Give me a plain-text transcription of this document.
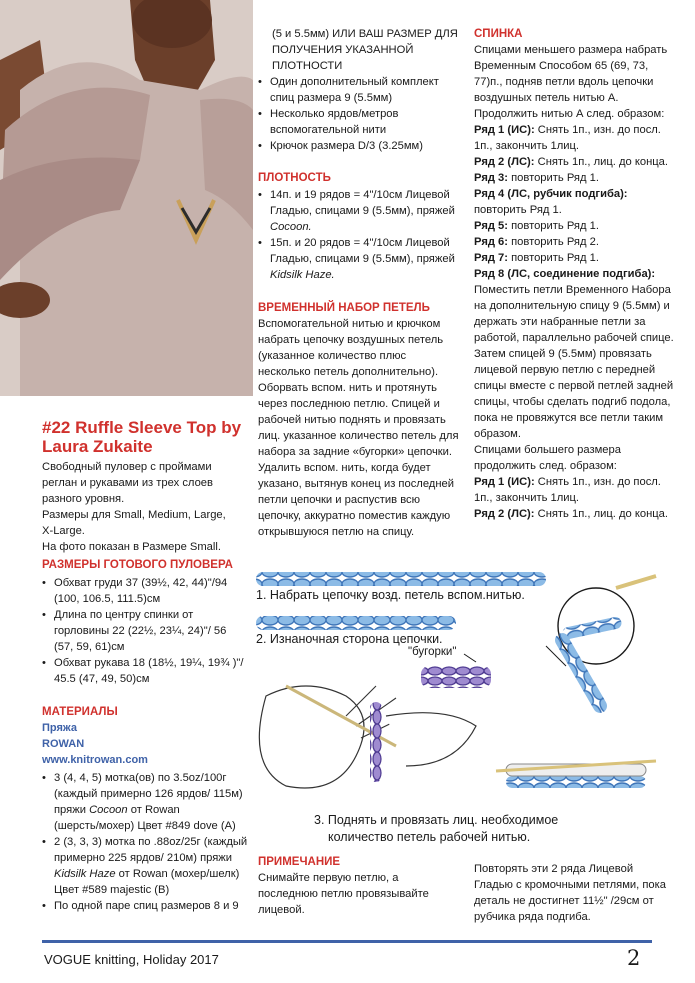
#22 Ruffle Sleeve Top by
Laura Zukaite
Свободный пуловер с проймами
реглан и рукавами из трех слоев
разного уровня.
Размеры для Small, Medium, Large,
X-Large.
На фото показан в Размере Small.
РАЗМЕРЫ ГОТОВОГО ПУЛОВЕРА
• Обхват груди 37 (39½, 42, 44)"/94
(100, 106.5, 111.5)см
• Длина по центру спинки от
горловины 22 (22½, 23¼, 24)"/ 56
(57, 59, 61)см
• Обхват рукава 18 (18½, 19¼, 19¾ )"/
45.5 (47, 49, 50)см
МАТЕРИАЛЫ
Пряжа
ROWAN
www.knitrowan.com
• 3 (4, 4, 5) мотка(ов) по 3.5oz/100г
(каждый примерно 126 ярдов/ 115м)
пряжи Cocoon от Rowan
(шерсть/мохер) Цвет #849 dove (A)
• 2 (3, 3, 3) мотка по .88oz/25г (каждый
примерно 225 ярдов/ 210м) пряжи
Kidsilk Haze от Rowan (мохер/шелк)
Цвет #589 majestic (B)
• По одной паре спиц размеров 8 и 9
(5 и 5.5мм) ИЛИ ВАШ РАЗМЕР ДЛЯ
ПОЛУЧЕНИЯ УКАЗАННОЙ
ПЛОТНОСТИ
• Один дополнительный комплект
спиц размера 9 (5.5мм)
• Несколько ярдов/метров
вспомогательной нити
• Крючок размера D/3 (3.25мм)
ПЛОТНОСТЬ
• 14п. и 19 рядов = 4"/10см Лицевой
Гладью, спицами 9 (5.5мм), пряжей
Cocoon.
• 15п. и 20 рядов = 4"/10см Лицевой
Гладью, спицами 9 (5.5мм), пряжей
Kidsilk Haze.
ВРЕМЕННЫЙ НАБОР ПЕТЕЛЬ
Вспомогательной нитью и крючком
набрать цепочку воздушных петель
(указанное количество плюс
несколько петель дополнительно).
Оборвать вспом. нить и протянуть
через последнюю петлю. Спицей и
рабочей нитью поднять и провязать
лиц. указанное количество петель для
набора за задние «бугорки» цепочки.
Удалить вспом. нить, когда будет
указано, вытянув конец из последней
петли цепочки и распустив всю
цепочку, аккуратно поместив каждую
открывшуюся петлю на спицу.
СПИНКА
Спицами меньшего размера набрать
Временным Способом 65 (69, 73,
77)п., подняв петли вдоль цепочки
воздушных петель нитью А.
Продолжить нитью А след. образом:
Ряд 1 (ИС): Снять 1п., изн. до посл.
1п., закончить 1лиц.
Ряд 2 (ЛС): Снять 1п., лиц. до конца.
Ряд 3: повторить Ряд 1.
Ряд 4 (ЛС, рубчик подгиба):
повторить Ряд 1.
Ряд 5: повторить Ряд 1.
Ряд 6: повторить Ряд 2.
Ряд 7: повторить Ряд 1.
Ряд 8 (ЛС, соединение подгиба):
Поместить петли Временного Набора
на дополнительную спицу 9 (5.5мм) и
держать эти набранные петли за
работой, параллельно рабочей спице.
Затем спицей 9 (5.5мм) провязать
лицевой первую петлю с передней
спицы вместе с первой петлей задней
спицы, чтобы сделать подгиб подола,
пока не провяжутся все петли таким
образом.
Спицами большего размера
продолжить след. образом:
Ряд 1 (ИС): Снять 1п., изн. до посл.
1п., закончить 1лиц.
Ряд 2 (ЛС): Снять 1п., лиц. до конца.
1. Набрать цепочку возд. петель вспом.нитью.
2. Изнаночная сторона цепочки.
"бугорки"
3. Поднять и провязать лиц. необходимое
количество петель рабочей нитью.
ПРИМЕЧАНИЕ
Снимайте первую петлю, а
последнюю петлю провязывайте
лицевой.
Повторять эти 2 ряда Лицевой
Гладью с кромочными петлями, пока
деталь не достигнет 11½" /29см от
рубчика ряда подгиба.
VOGUE knitting, Holiday 2017	2
